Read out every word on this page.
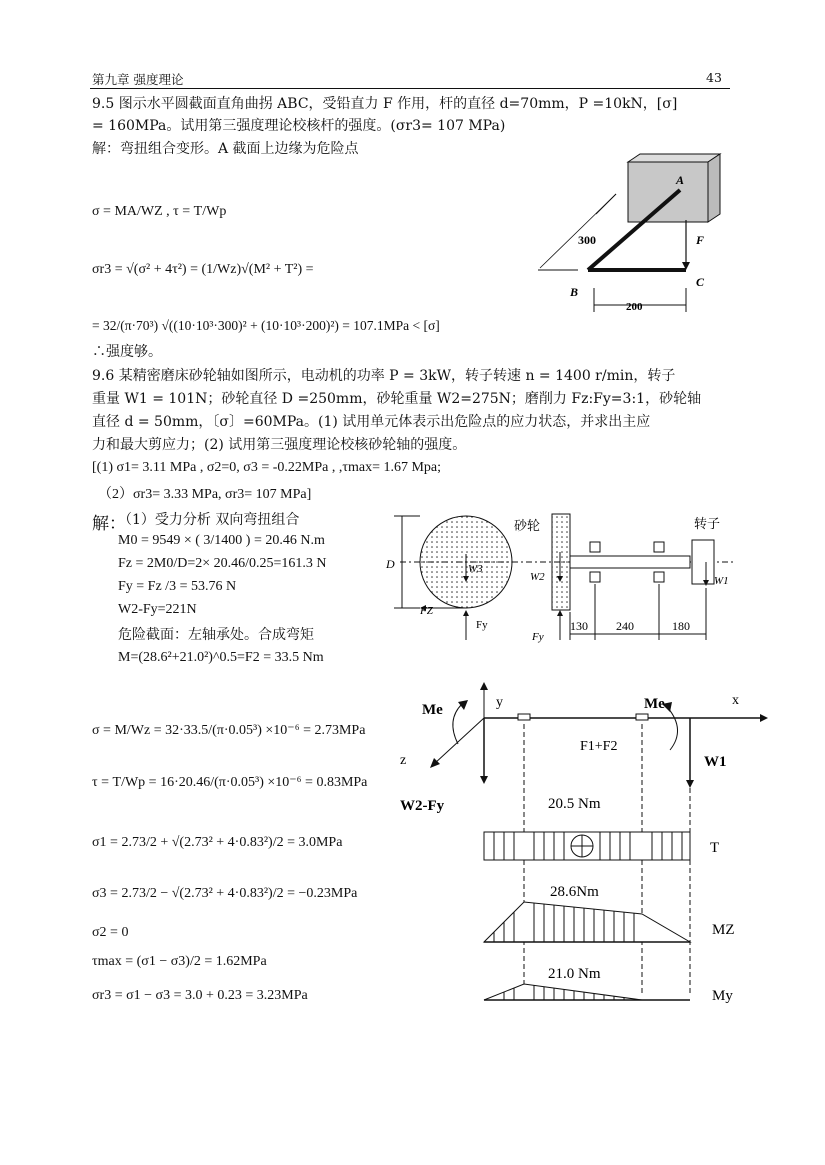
第九章 强度理论	43
9.5 图示水平圆截面直角曲拐 ABC，受铅直力 F 作用，杆的直径 d=70mm，P =10kN，[σ]
= 160MPa。试用第三强度理论校核杆的强度。(σr3= 107 MPa)
解：弯扭组合变形。A 截面上边缘为危险点
σ = MA/WZ , τ = T/Wp
σr3 = √(σ² + 4τ²) = (1/Wz)√(M² + T²) =
= 32/(π·70³) √((10·10³·300)² + (10·10³·200)²) = 107.1MPa < [σ]
∴强度够。
A
300	F
C
B
200
9.6 某精密磨床砂轮轴如图所示，电动机的功率 P = 3kW，转子转速 n = 1400 r/min，转子
重量 W1 = 101N；砂轮直径 D =250mm，砂轮重量 W2=275N；磨削力 Fz:Fy=3:1，砂轮轴
直径 d = 50mm，〔σ〕=60MPa。(1) 试用单元体表示出危险点的应力状态，并求出主应
力和最大剪应力；(2) 试用第三强度理论校核砂轮轴的强度。
[(1) σ1= 3.11 MPa , σ2=0, σ3 = -0.22MPa , ,τmax= 1.67 Mpa;
（2）σr3= 3.33 MPa, σr3= 107 MPa]
解：
（1）受力分析 双向弯扭组合
M0 = 9549 × ( 3/1400 ) = 20.46 N.m
Fz = 2M0/D=2× 20.46/0.25=161.3 N
Fy = Fz /3 = 53.76 N
W2-Fy=221N
危险截面：左轴承处。合成弯矩
M=(28.6²+21.0²)^0.5=F2 = 33.5 Nm
σ = M/Wz = 32·33.5/(π·0.05³) ×10⁻⁶ = 2.73MPa
τ = T/Wp = 16·20.46/(π·0.05³) ×10⁻⁶ = 0.83MPa
σ1 = 2.73/2 + √(2.73² + 4·0.83²)/2 = 3.0MPa
σ3 = 2.73/2 − √(2.73² + 4·0.83²)/2 = −0.23MPa
σ2 = 0
τmax = (σ1 − σ3)/2 = 1.62MPa
σr3 = σ1 − σ3 = 3.0 + 0.23 = 3.23MPa
D	W3
FZ
Fy
砂轮
W2
Fy
转子
W1
130 240	180
Me	y	x
Me
z
F1+F2
W1
W2-Fy	20.5 Nm
T
28.6Nm
MZ
21.0 Nm
My
